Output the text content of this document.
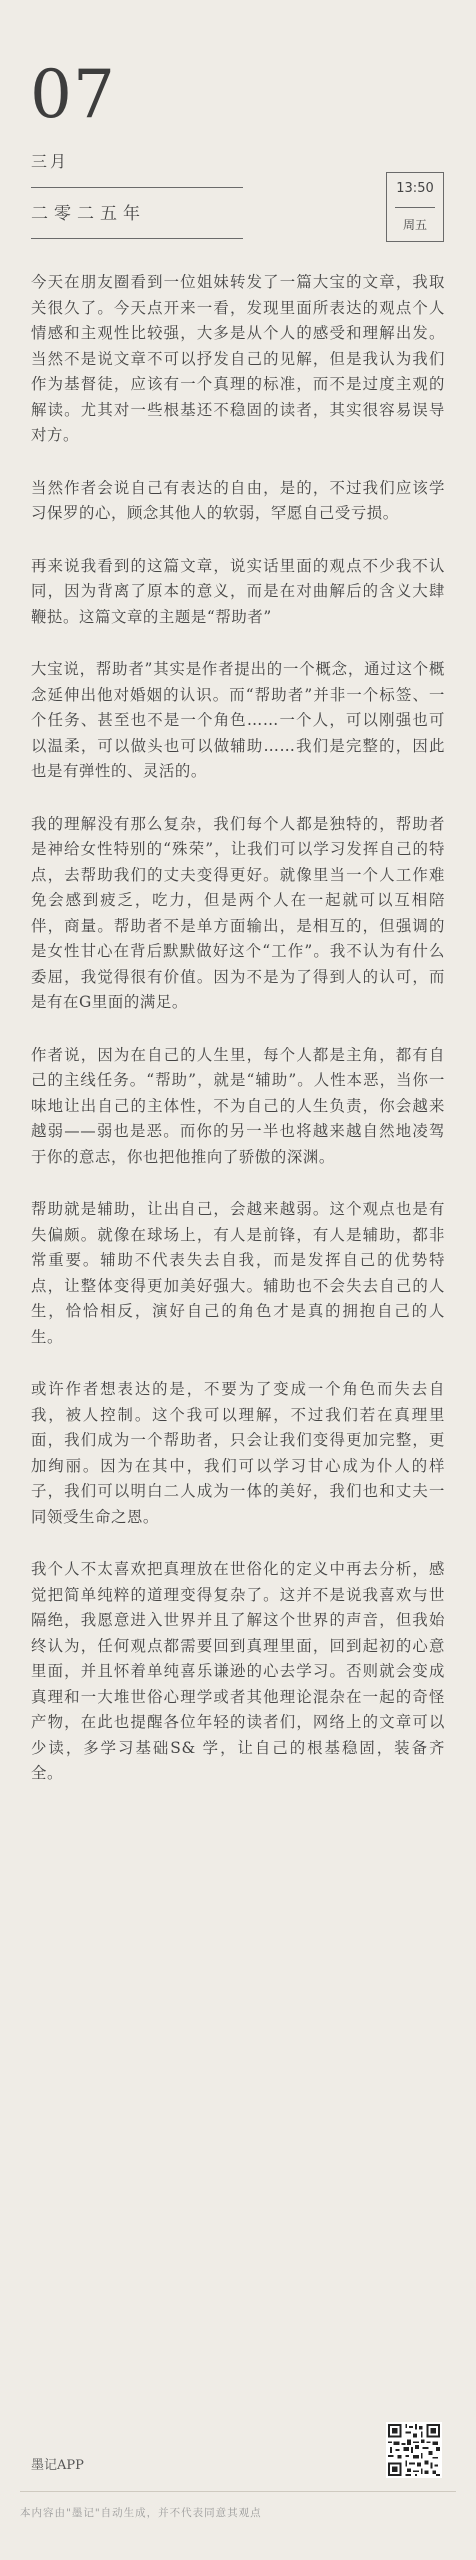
07
三月
二零二五年
13:50
周五

今天在朋友圈看到一位姐妹转发了一篇大宝的文章，我取关很久了。今天点开来一看，发现里面所表达的观点个人情感和主观性比较强，大多是从个人的感受和理解出发。当然不是说文章不可以抒发自己的见解，但是我认为我们作为基督徒，应该有一个真理的标准，而不是过度主观的解读。尤其对一些根基还不稳固的读者，其实很容易误导对方。

当然作者会说自己有表达的自由，是的，不过我们应该学习保罗的心，顾念其他人的软弱，罕愿自己受亏损。

再来说我看到的这篇文章，说实话里面的观点不少我不认同，因为背离了原本的意义，而是在对曲解后的含义大肆鞭挞。这篇文章的主题是“帮助者”

大宝说，帮助者”其实是作者提出的一个概念，通过这个概念延伸出他对婚姻的认识。而“帮助者”并非一个标签、一个任务、甚至也不是一个角色……一个人，可以刚强也可以温柔，可以做头也可以做辅助……我们是完整的，因此也是有弹性的、灵活的。

我的理解没有那么复杂，我们每个人都是独特的，帮助者是神给女性特别的“殊荣”，让我们可以学习发挥自己的特点，去帮助我们的丈夫变得更好。就像里当一个人工作难免会感到疲乏，吃力，但是两个人在一起就可以互相陪伴，商量。帮助者不是单方面输出，是相互的，但强调的是女性甘心在背后默默做好这个“工作”。我不认为有什么委屈，我觉得很有价值。因为不是为了得到人的认可，而是有在G里面的满足。

作者说，因为在自己的人生里，每个人都是主角，都有自己的主线任务。“帮助”，就是“辅助”。人性本恶，当你一味地让出自己的主体性，不为自己的人生负责，你会越来越弱——弱也是恶。而你的另一半也将越来越自然地凌驾于你的意志，你也把他推向了骄傲的深渊。

帮助就是辅助，让出自己，会越来越弱。这个观点也是有失偏颇。就像在球场上，有人是前锋，有人是辅助，都非常重要。辅助不代表失去自我，而是发挥自己的优势特点，让整体变得更加美好强大。辅助也不会失去自己的人生，恰恰相反，演好自己的角色才是真的拥抱自己的人生。

或许作者想表达的是，不要为了变成一个角色而失去自我，被人控制。这个我可以理解，不过我们若在真理里面，我们成为一个帮助者，只会让我们变得更加完整，更加绚丽。因为在其中，我们可以学习甘心成为仆人的样子，我们可以明白二人成为一体的美好，我们也和丈夫一同领受生命之恩。

我个人不太喜欢把真理放在世俗化的定义中再去分析，感觉把简单纯粹的道理变得复杂了。这并不是说我喜欢与世隔绝，我愿意进入世界并且了解这个世界的声音，但我始终认为，任何观点都需要回到真理里面，回到起初的心意里面，并且怀着单纯喜乐谦逊的心去学习。否则就会变成真理和一大堆世俗心理学或者其他理论混杂在一起的奇怪产物，在此也提醒各位年轻的读者们，网络上的文章可以少读，多学习基础S& 学，让自己的根基稳固，装备齐全。

墨记APP
本内容由"墨记"自动生成，并不代表同意其观点
